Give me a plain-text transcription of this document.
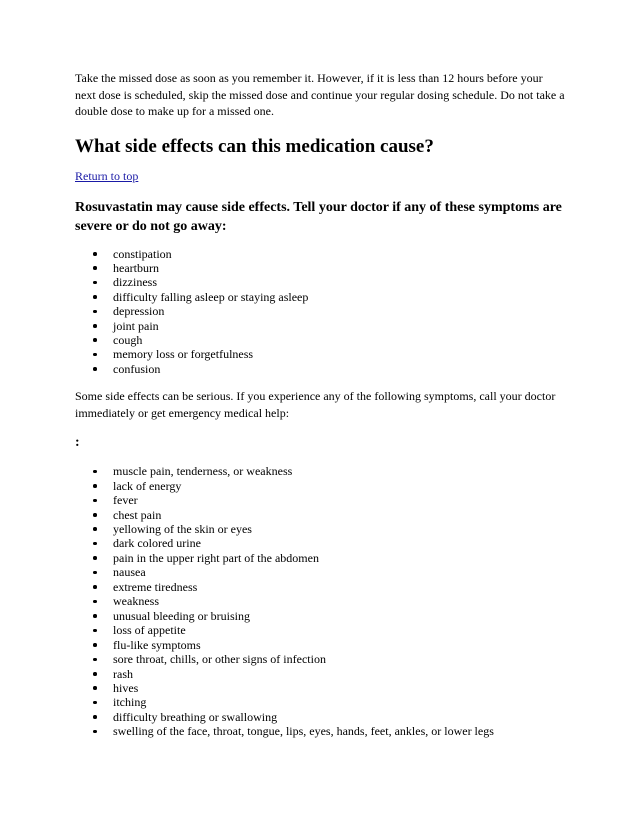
Take the missed dose as soon as you remember it. However, if it is less than 12 hours before your next dose is scheduled, skip the missed dose and continue your regular dosing schedule. Do not take a double dose to make up for a missed one.

What side effects can this medication cause?
Return to top
Rosuvastatin may cause side effects. Tell your doctor if any of these symptoms are severe or do not go away:
constipation
heartburn
dizziness
difficulty falling asleep or staying asleep
depression
joint pain
cough
memory loss or forgetfulness
confusion

Some side effects can be serious. If you experience any of the following symptoms, call your doctor immediately or get emergency medical help:

:
muscle pain, tenderness, or weakness
lack of energy
fever
chest pain
yellowing of the skin or eyes
dark colored urine
pain in the upper right part of the abdomen
nausea
extreme tiredness
weakness
unusual bleeding or bruising
loss of appetite
flu-like symptoms
sore throat, chills, or other signs of infection
rash
hives
itching
difficulty breathing or swallowing
swelling of the face, throat, tongue, lips, eyes, hands, feet, ankles, or lower legs
